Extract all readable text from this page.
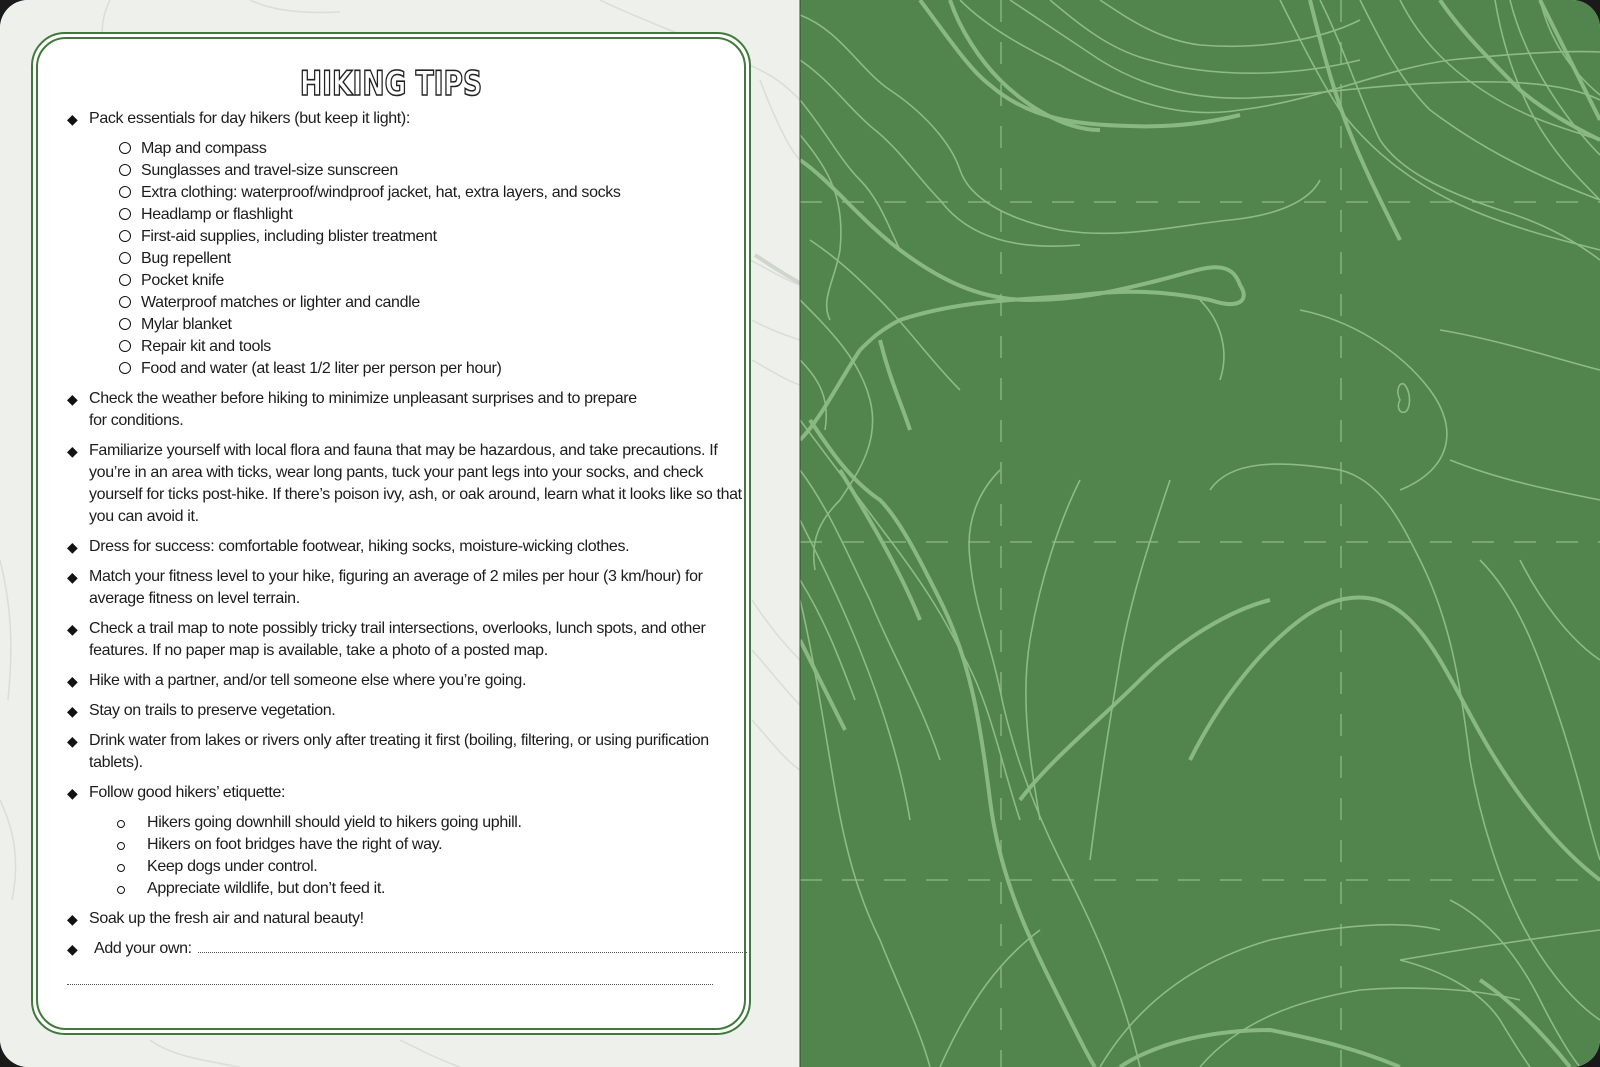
HIKING TIPS
◆ Pack essentials for day hikers (but keep it light):
Map and compass
Sunglasses and travel-size sunscreen
Extra clothing: waterproof/windproof jacket, hat, extra layers, and socks
Headlamp or flashlight
First-aid supplies, including blister treatment
Bug repellent
Pocket knife
Waterproof matches or lighter and candle
Mylar blanket
Repair kit and tools
Food and water (at least 1/2 liter per person per hour)
◆ Check the weather before hiking to minimize unpleasant surprises and to prepare for conditions.
◆ Familiarize yourself with local flora and fauna that may be hazardous, and take precautions. If you’re in an area with ticks, wear long pants, tuck your pant legs into your socks, and check yourself for ticks post-hike. If there’s poison ivy, ash, or oak around, learn what it looks like so that you can avoid it.
◆ Dress for success: comfortable footwear, hiking socks, moisture-wicking clothes.
◆ Match your fitness level to your hike, figuring an average of 2 miles per hour (3 km/hour) for average fitness on level terrain.
◆ Check a trail map to note possibly tricky trail intersections, overlooks, lunch spots, and other features. If no paper map is available, take a photo of a posted map.
◆ Hike with a partner, and/or tell someone else where you’re going.
◆ Stay on trails to preserve vegetation.
◆ Drink water from lakes or rivers only after treating it first (boiling, filtering, or using purification tablets).
◆ Follow good hikers’ etiquette:
Hikers going downhill should yield to hikers going uphill.
Hikers on foot bridges have the right of way.
Keep dogs under control.
Appreciate wildlife, but don’t feed it.
◆ Soak up the fresh air and natural beauty!
◆	Add your own:
